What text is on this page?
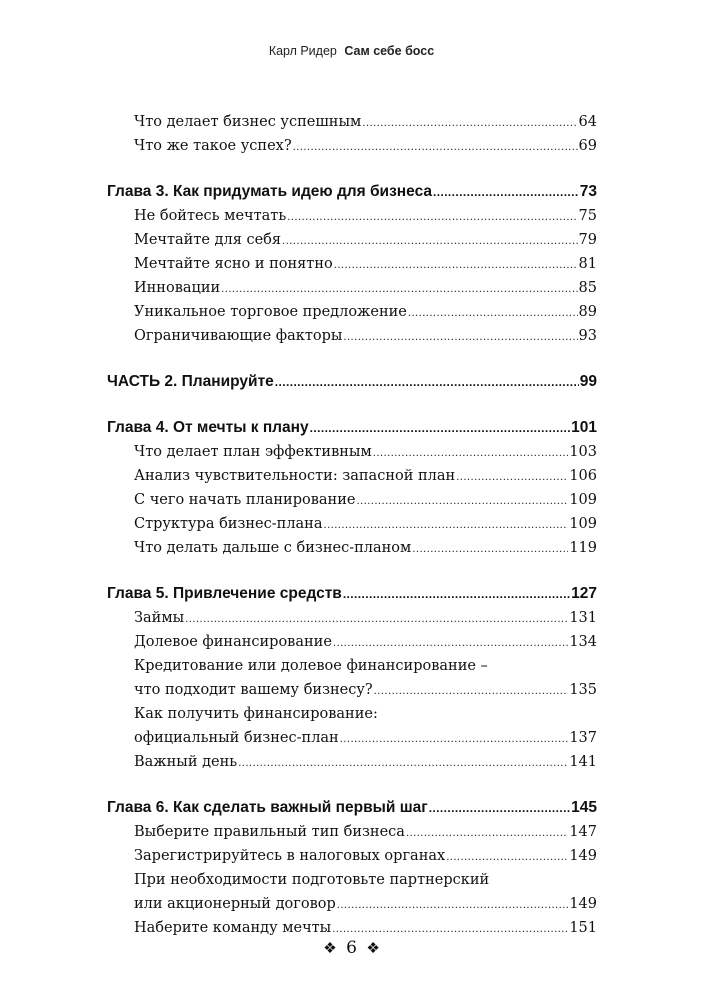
Карл Ридер Сам себе босс
Что делает бизнес успешным .....	64
Что же такое успех? .....	69
Глава 3. Как придумать идею для бизнеса .....	73
Не бойтесь мечтать .....	75
Мечтайте для себя .....	79
Мечтайте ясно и понятно .....	81
Инновации .....	85
Уникальное торговое предложение .....	89
Ограничивающие факторы .....	93
ЧАСТЬ 2. Планируйте .....	99
Глава 4. От мечты к плану .....	101
Что делает план эффективным .....	103
Анализ чувствительности: запасной план .....	106
С чего начать планирование .....	109
Структура бизнес-плана .....	109
Что делать дальше с бизнес-планом .....	119
Глава 5. Привлечение средств .....	127
Займы .....	131
Долевое финансирование .....	134
Кредитование или долевое финансирование –
что подходит вашему бизнесу? .....	135
Как получить финансирование:
официальный бизнес-план .....	137
Важный день .....	141
Глава 6. Как сделать важный первый шаг .....	145
Выберите правильный тип бизнеса .....	147
Зарегистрируйтесь в налоговых органах .....	149
При необходимости подготовьте партнерский
или акционерный договор .....	149
Наберите команду мечты .....	151
❖ 6 ❖
